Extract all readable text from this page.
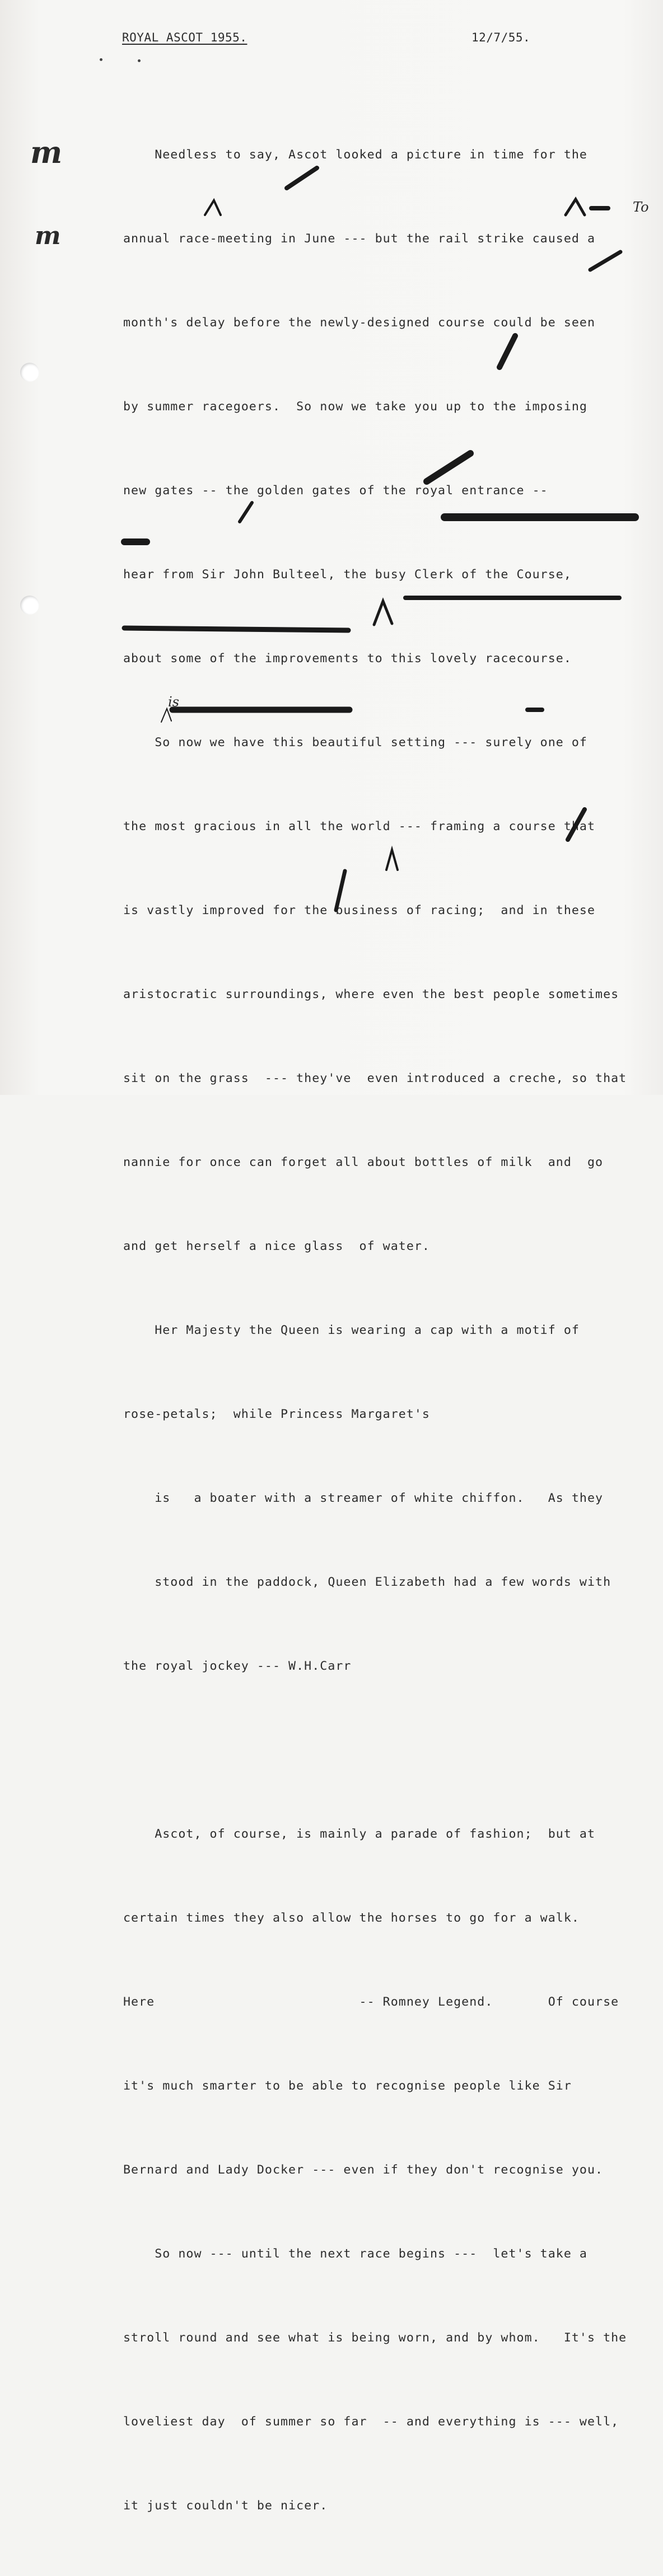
ROYAL ASCOT 1955.	12/7/55.
m
m

Needless to say, Ascot looked a picture in time for the

annual race-meeting in June --- but the rail strike caused a

month's delay before the newly-designed course could be seen

by summer racegoers.  So now we take you up to the imposing

new gates -- the golden gates of the royal entrance --

hear from Sir John Bulteel, the busy Clerk of the Course,

about some of the improvements to this lovely racecourse.

So now we have this beautiful setting --- surely one of

the most gracious in all the world --- framing a course that

is vastly improved for the business of racing;  and in these

aristocratic surroundings, where even the best people sometimes

sit on the grass  --- they've  even introduced a creche, so that

nannie for once can forget all about bottles of milk  and  go

and get herself a nice glass  of water.

Her Majesty the Queen is wearing a cap with a motif of

rose-petals;  while Princess Margaret's

is   a boater with a streamer of white chiffon.   As they

stood in the paddock, Queen Elizabeth had a few words with

the royal jockey --- W.H.Carr

Ascot, of course, is mainly a parade of fashion;  but at

certain times they also allow the horses to go for a walk.

Here                          -- Romney Legend.       Of course

it's much smarter to be able to recognise people like Sir

Bernard and Lady Docker --- even if they don't recognise you.

So now --- until the next race begins ---  let's take a

stroll round and see what is being worn, and by whom.   It's the

loveliest day  of summer so far  -- and everything is --- well,

it just couldn't be nicer.

To
is
